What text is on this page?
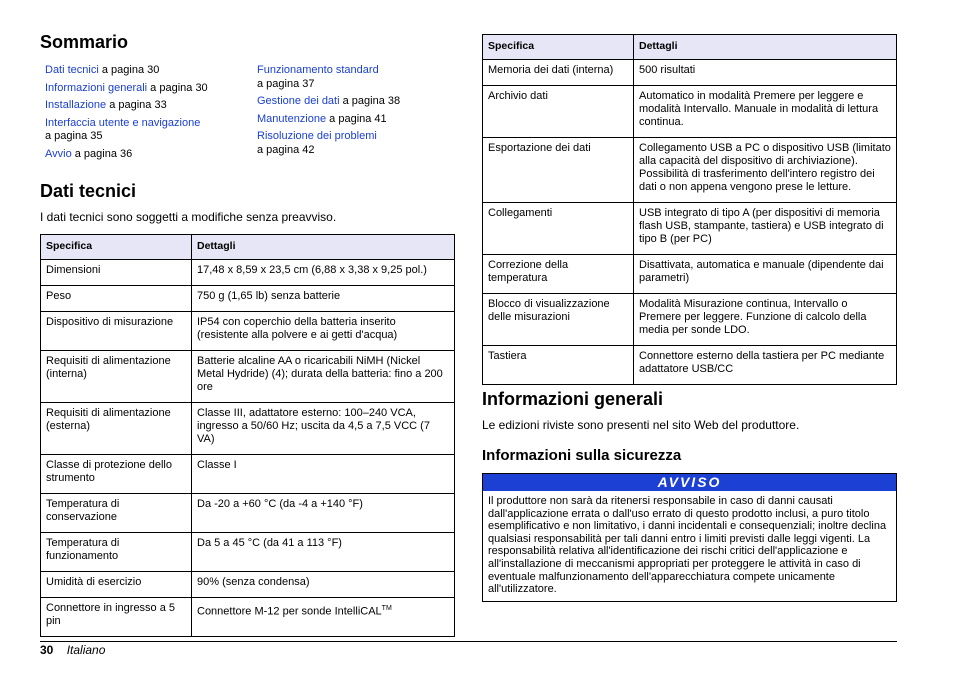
Sommario
Dati tecnici a pagina 30
Informazioni generali a pagina 30
Installazione a pagina 33
Interfaccia utente e navigazione
a pagina 35
Avvio a pagina 36
Funzionamento standard
a pagina 37
Gestione dei dati a pagina 38
Manutenzione a pagina 41
Risoluzione dei problemi
a pagina 42
Dati tecnici
I dati tecnici sono soggetti a modifiche senza preavviso.
Specifica	Dettagli
Dimensioni	17,48 x 8,59 x 23,5 cm (6,88 x 3,38 x 9,25 pol.)
Peso	750 g (1,65 lb) senza batterie
Dispositivo di misurazione	IP54 con coperchio della batteria inserito (resistente alla polvere e ai getti d'acqua)
Requisiti di alimentazione (interna)	Batterie alcaline AA o ricaricabili NiMH (Nickel Metal Hydride) (4); durata della batteria: fino a 200 ore
Requisiti di alimentazione (esterna)	Classe III, adattatore esterno: 100–240 VCA, ingresso a 50/60 Hz; uscita da 4,5 a 7,5 VCC (7 VA)
Classe di protezione dello strumento	Classe I
Temperatura di conservazione	Da -20 a +60 °C (da -4 a +140 °F)
Temperatura di funzionamento	Da 5 a 45 °C (da 41 a 113 °F)
Umidità di esercizio	90% (senza condensa)
Connettore in ingresso a 5 pin	Connettore M-12 per sonde IntelliCAL™
Specifica	Dettagli
Memoria dei dati (interna)	500 risultati
Archivio dati	Automatico in modalità Premere per leggere e modalità Intervallo. Manuale in modalità di lettura continua.
Esportazione dei dati	Collegamento USB a PC o dispositivo USB (limitato alla capacità del dispositivo di archiviazione). Possibilità di trasferimento dell'intero registro dei dati o non appena vengono prese le letture.
Collegamenti	USB integrato di tipo A (per dispositivi di memoria flash USB, stampante, tastiera) e USB integrato di tipo B (per PC)
Correzione della temperatura	Disattivata, automatica e manuale (dipendente dai parametri)
Blocco di visualizzazione delle misurazioni	Modalità Misurazione continua, Intervallo o Premere per leggere. Funzione di calcolo della media per sonde LDO.
Tastiera	Connettore esterno della tastiera per PC mediante adattatore USB/CC
Informazioni generali
Le edizioni riviste sono presenti nel sito Web del produttore.
Informazioni sulla sicurezza
AVVISO
Il produttore non sarà da ritenersi responsabile in caso di danni causati dall'applicazione errata o dall'uso errato di questo prodotto inclusi, a puro titolo esemplificativo e non limitativo, i danni incidentali e consequenziali; inoltre declina qualsiasi responsabilità per tali danni entro i limiti previsti dalle leggi vigenti. La responsabilità relativa all'identificazione dei rischi critici dell'applicazione e all'installazione di meccanismi appropriati per proteggere le attività in caso di eventuale malfunzionamento dell'apparecchiatura compete unicamente all'utilizzatore.
30 Italiano
